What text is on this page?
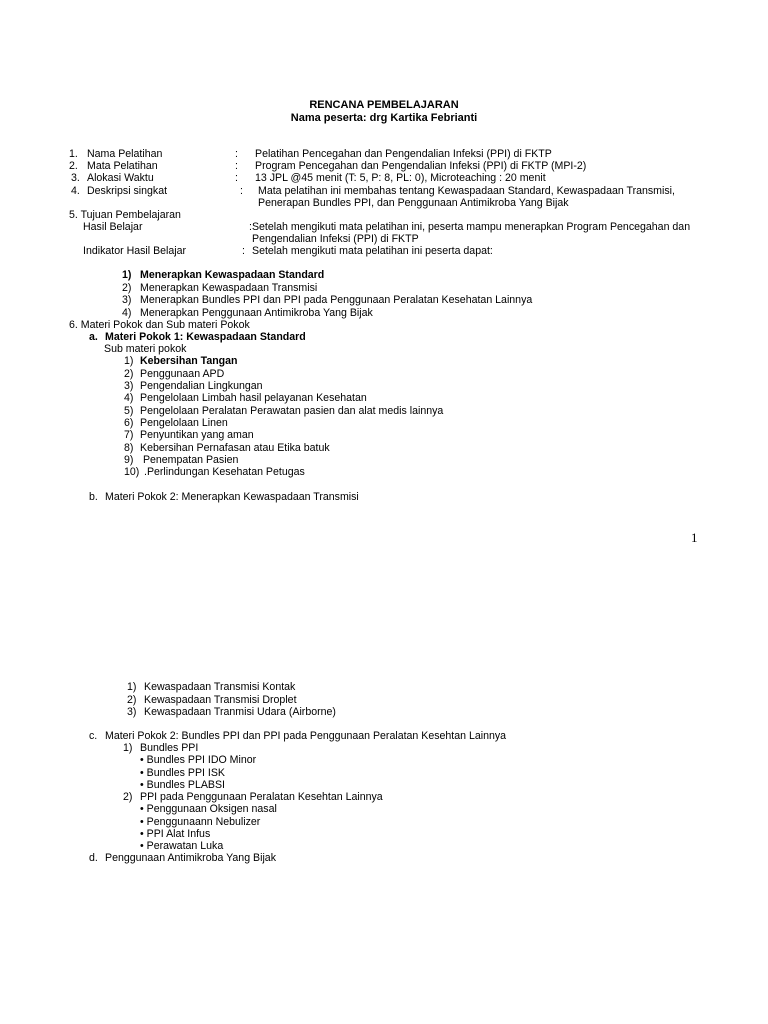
RENCANA PEMBELAJARAN
Nama peserta: drg Kartika Febrianti
1. Nama Pelatihan	: Pelatihan Pencegahan dan Pengendalian Infeksi (PPI) di FKTP
2. Mata Pelatihan	: Program Pencegahan dan Pengendalian Infeksi (PPI) di FKTP (MPI-2)
3. Alokasi Waktu	: 13 JPL @45 menit (T: 5, P: 8, PL: 0), Microteaching : 20 menit
4. Deskripsi singkat	: Mata pelatihan ini membahas tentang Kewaspadaan Standard, Kewaspadaan Transmisi,
Penerapan Bundles PPI, dan Penggunaan Antimikroba Yang Bijak
5. Tujuan Pembelajaran
Hasil Belajar	:Setelah mengikuti mata pelatihan ini, peserta mampu menerapkan Program Pencegahan dan
Pengendalian Infeksi (PPI) di FKTP
Indikator Hasil Belajar	: Setelah mengikuti mata pelatihan ini peserta dapat:
1) Menerapkan Kewaspadaan Standard
2) Menerapkan Kewaspadaan Transmisi
3) Menerapkan Bundles PPI dan PPI pada Penggunaan Peralatan Kesehatan Lainnya
4) Menerapkan Penggunaan Antimikroba Yang Bijak
6. Materi Pokok dan Sub materi Pokok
a. Materi Pokok 1: Kewaspadaan Standard
Sub materi pokok
1) Kebersihan Tangan
2) Penggunaan APD
3) Pengendalian Lingkungan
4) Pengelolaan Limbah hasil pelayanan Kesehatan
5) Pengelolaan Peralatan Perawatan pasien dan alat medis lainnya
6) Pengelolaan Linen
7) Penyuntikan yang aman
8) Kebersihan Pernafasan atau Etika batuk
9) Penempatan Pasien
10) .Perlindungan Kesehatan Petugas
b. Materi Pokok 2: Menerapkan Kewaspadaan Transmisi
1
1) Kewaspadaan Transmisi Kontak
2) Kewaspadaan Transmisi Droplet
3) Kewaspadaan Tranmisi Udara (Airborne)
c. Materi Pokok 2: Bundles PPI dan PPI pada Penggunaan Peralatan Kesehtan Lainnya
1) Bundles PPI
• Bundles PPI IDO Minor
• Bundles PPI ISK
• Bundles PLABSI
2) PPI pada Penggunaan Peralatan Kesehtan Lainnya
• Penggunaan Oksigen nasal
• Penggunaann Nebulizer
• PPI Alat Infus
• Perawatan Luka
d. Penggunaan Antimikroba Yang Bijak
